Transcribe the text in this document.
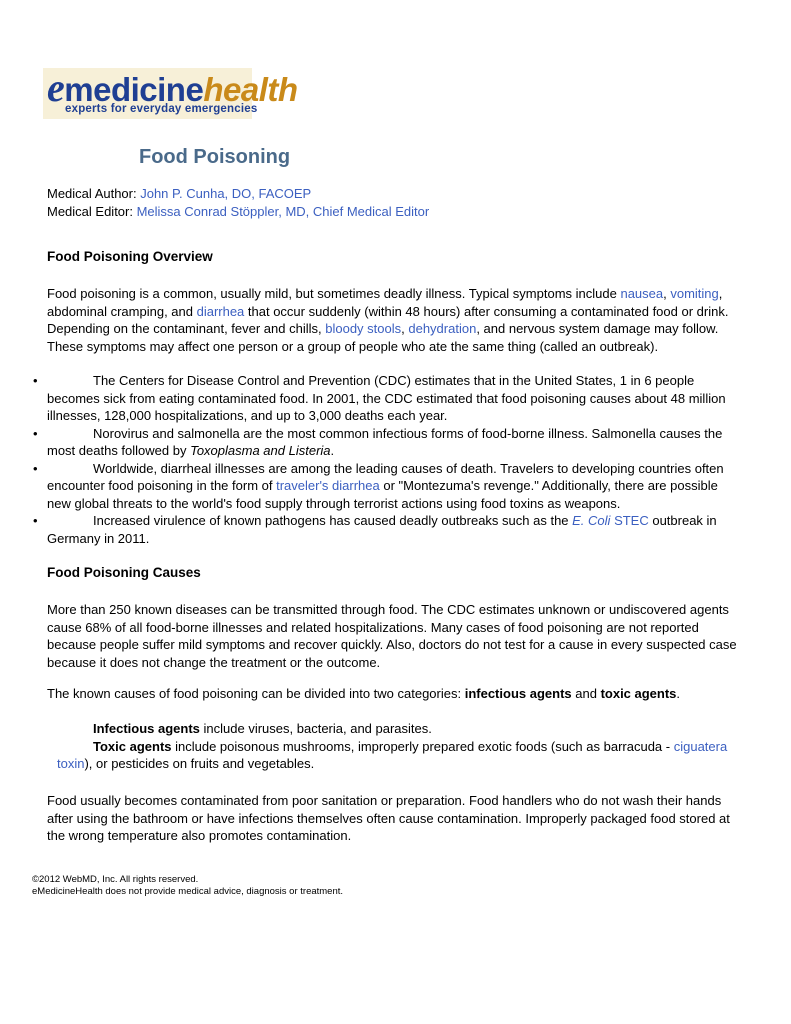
emedicinehealth
experts for everyday emergencies
Food Poisoning
Medical Author: John P. Cunha, DO, FACOEP
Medical Editor: Melissa Conrad Stöppler, MD, Chief Medical Editor
Food Poisoning Overview
Food poisoning is a common, usually mild, but sometimes deadly illness. Typical symptoms include nausea, vomiting, abdominal cramping, and diarrhea that occur suddenly (within 48 hours) after consuming a contaminated food or drink. Depending on the contaminant, fever and chills, bloody stools, dehydration, and nervous system damage may follow. These symptoms may affect one person or a group of people who ate the same thing (called an outbreak).
•	The Centers for Disease Control and Prevention (CDC) estimates that in the United States, 1 in 6 people becomes sick from eating contaminated food. In 2001, the CDC estimated that food poisoning causes about 48 million illnesses, 128,000 hospitalizations, and up to 3,000 deaths each year.
•	Norovirus and salmonella are the most common infectious forms of food-borne illness. Salmonella causes the most deaths followed by Toxoplasma and Listeria.
•	Worldwide, diarrheal illnesses are among the leading causes of death. Travelers to developing countries often encounter food poisoning in the form of traveler's diarrhea or "Montezuma's revenge." Additionally, there are possible new global threats to the world's food supply through terrorist actions using food toxins as weapons.
•	Increased virulence of known pathogens has caused deadly outbreaks such as the E. Coli STEC outbreak in Germany in 2011.
Food Poisoning Causes
More than 250 known diseases can be transmitted through food. The CDC estimates unknown or undiscovered agents cause 68% of all food-borne illnesses and related hospitalizations. Many cases of food poisoning are not reported because people suffer mild symptoms and recover quickly. Also, doctors do not test for a cause in every suspected case because it does not change the treatment or the outcome.
The known causes of food poisoning can be divided into two categories: infectious agents and toxic agents.
Infectious agents include viruses, bacteria, and parasites.
Toxic agents include poisonous mushrooms, improperly prepared exotic foods (such as barracuda - ciguatera toxin), or pesticides on fruits and vegetables.
Food usually becomes contaminated from poor sanitation or preparation. Food handlers who do not wash their hands after using the bathroom or have infections themselves often cause contamination. Improperly packaged food stored at the wrong temperature also promotes contamination.
©2012 WebMD, Inc. All rights reserved.
eMedicineHealth does not provide medical advice, diagnosis or treatment.
